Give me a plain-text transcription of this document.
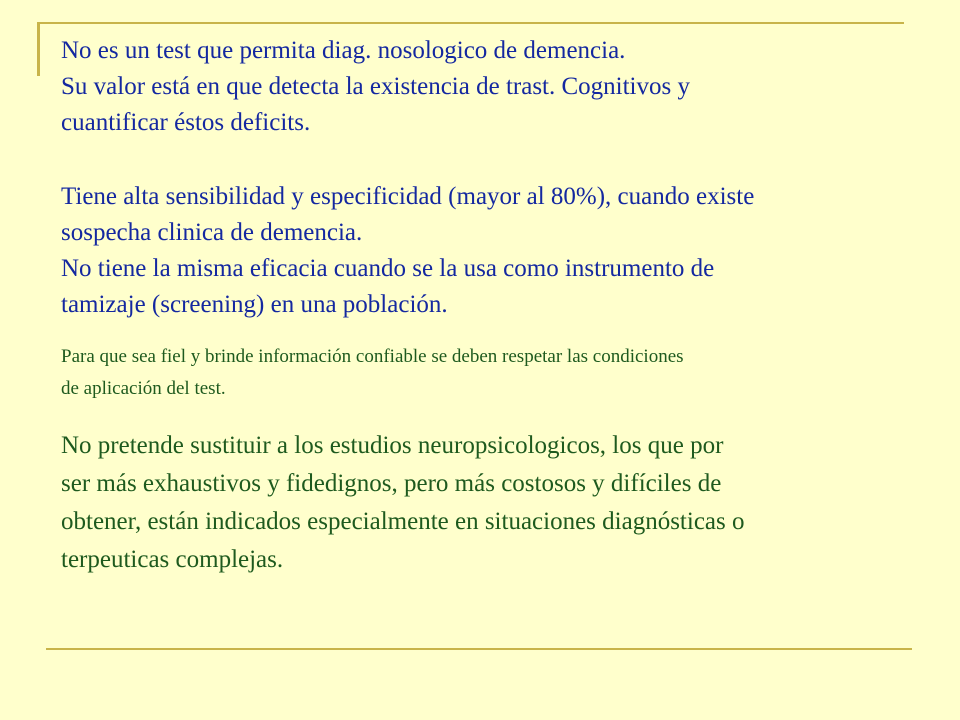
No es un test que permita diag. nosologico de demencia.
Su valor está en que detecta la existencia de trast. Cognitivos y
cuantificar éstos deficits.

Tiene alta sensibilidad y especificidad (mayor al 80%), cuando existe
sospecha clinica de demencia.

No tiene la misma eficacia cuando se la usa como instrumento de
tamizaje (screening) en una población.

Para que sea fiel y brinde información confiable se deben respetar las condiciones
de aplicación del test.

No pretende sustituir a los estudios neuropsicologicos, los que por
ser más exhaustivos y fidedignos, pero más costosos y difíciles de
obtener, están indicados especialmente en situaciones diagnósticas o
terpeuticas complejas.
